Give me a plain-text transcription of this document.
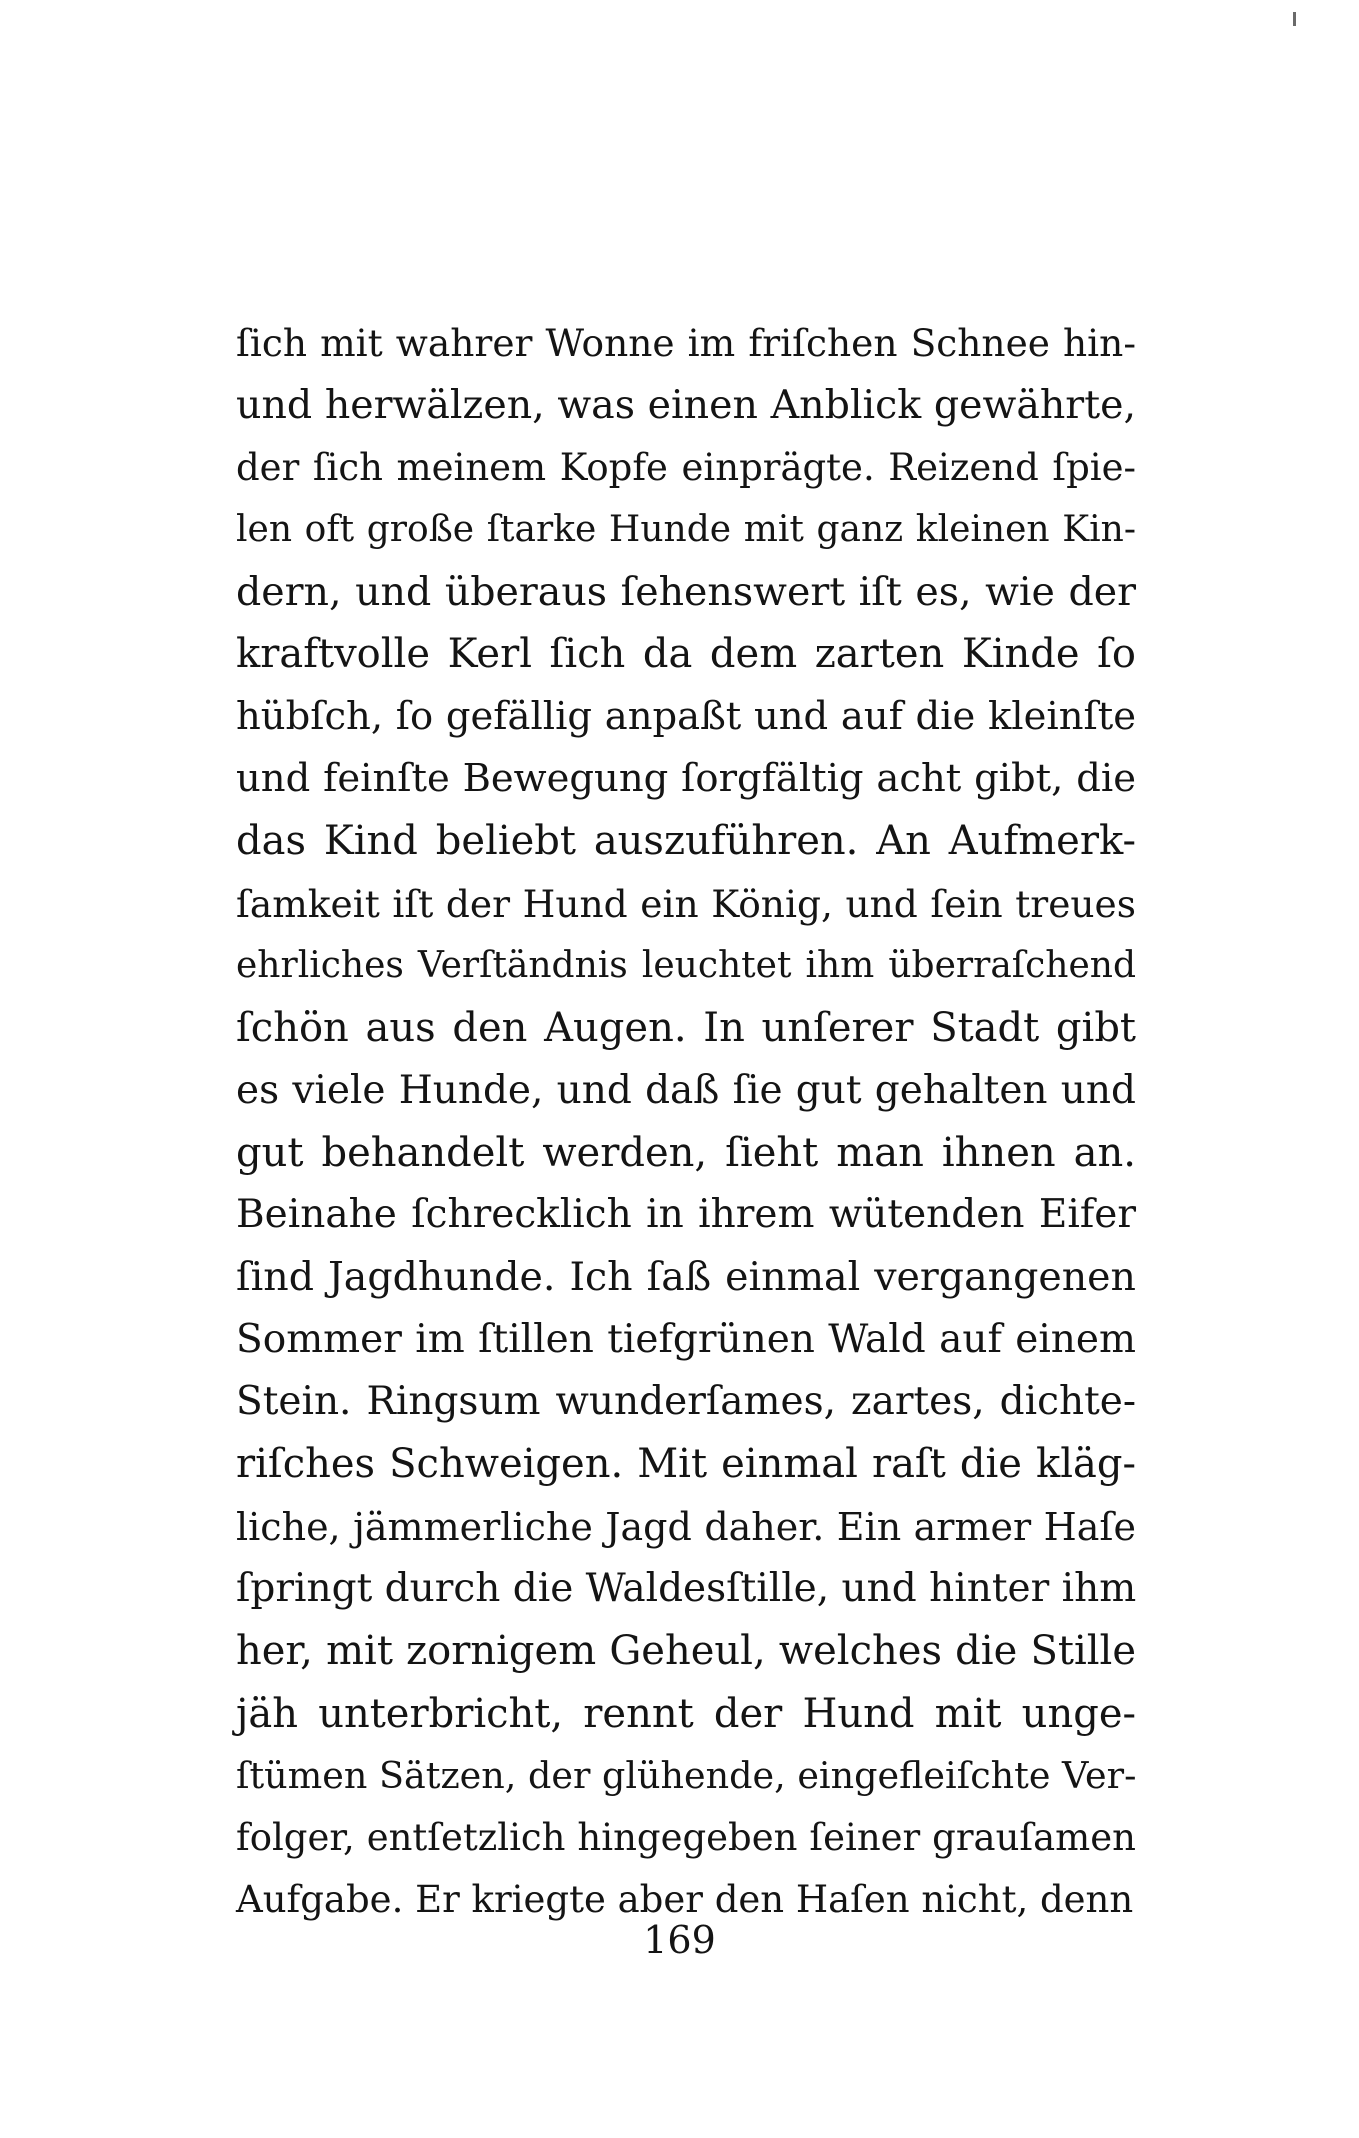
ſich mit wahrer Wonne im friſchen Schnee hin-
und herwälzen, was einen Anblick gewährte,
der ſich meinem Kopfe einprägte. Reizend ſpie-
len oft große ſtarke Hunde mit ganz kleinen Kin-
dern, und überaus ſehenswert iſt es, wie der
kraftvolle Kerl ſich da dem zarten Kinde ſo
hübſch, ſo gefällig anpaßt und auf die kleinſte
und feinſte Bewegung ſorgfältig acht gibt, die
das Kind beliebt auszuführen. An Aufmerk-
ſamkeit iſt der Hund ein König, und ſein treues
ehrliches Verſtändnis leuchtet ihm überraſchend
ſchön aus den Augen. In unſerer Stadt gibt
es viele Hunde, und daß ſie gut gehalten und
gut behandelt werden, ſieht man ihnen an.
Beinahe ſchrecklich in ihrem wütenden Eifer
ſind Jagdhunde. Ich ſaß einmal vergangenen
Sommer im ſtillen tiefgrünen Wald auf einem
Stein. Ringsum wunderſames, zartes, dichte-
riſches Schweigen. Mit einmal raſt die kläg-
liche, jämmerliche Jagd daher. Ein armer Haſe
ſpringt durch die Waldesſtille, und hinter ihm
her, mit zornigem Geheul, welches die Stille
jäh unterbricht, rennt der Hund mit unge-
ſtümen Sätzen, der glühende, eingefleiſchte Ver-
folger, entſetzlich hingegeben ſeiner grauſamen
Aufgabe. Er kriegte aber den Haſen nicht, denn
169
